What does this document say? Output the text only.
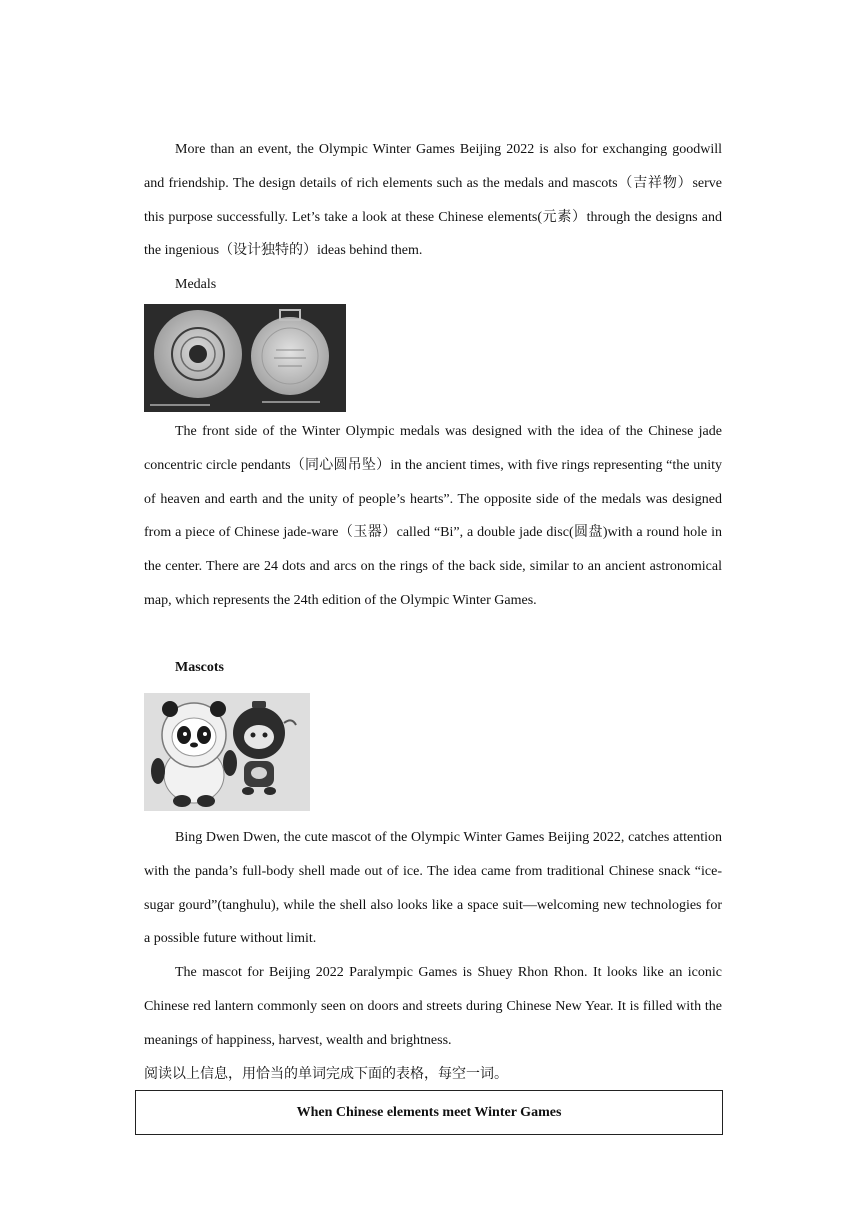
More than an event, the Olympic Winter Games Beijing 2022 is also for exchanging goodwill and friendship. The design details of rich elements such as the medals and mascots（吉祥物）serve this purpose successfully. Let’s take a look at these Chinese elements(元素）through the designs and the ingenious（设计独特的）ideas behind them.

Medals

The front side of the Winter Olympic medals was designed with the idea of the Chinese jade concentric circle pendants（同心圆吊坠）in the ancient times, with five rings representing “the unity of heaven and earth and the unity of people’s hearts”. The opposite side of the medals was designed from a piece of Chinese jade-ware（玉器）called “Bi”, a double jade disc(圆盘)with a round hole in the center. There are 24 dots and arcs on the rings of the back side, similar to an ancient astronomical map, which represents the 24th edition of the Olympic Winter Games.

Mascots

Bing Dwen Dwen, the cute mascot of the Olympic Winter Games Beijing 2022, catches attention with the panda’s full-body shell made out of ice. The idea came from traditional Chinese snack “ice-sugar gourd”(tanghulu), while the shell also looks like a space suit—welcoming new technologies for a possible future without limit.

The mascot for Beijing 2022 Paralympic Games is Shuey Rhon Rhon. It looks like an iconic Chinese red lantern commonly seen on doors and streets during Chinese New Year. It is filled with the meanings of happiness, harvest, wealth and brightness.

阅读以上信息，用恰当的单词完成下面的表格，每空一词。
When Chinese elements meet Winter Games
